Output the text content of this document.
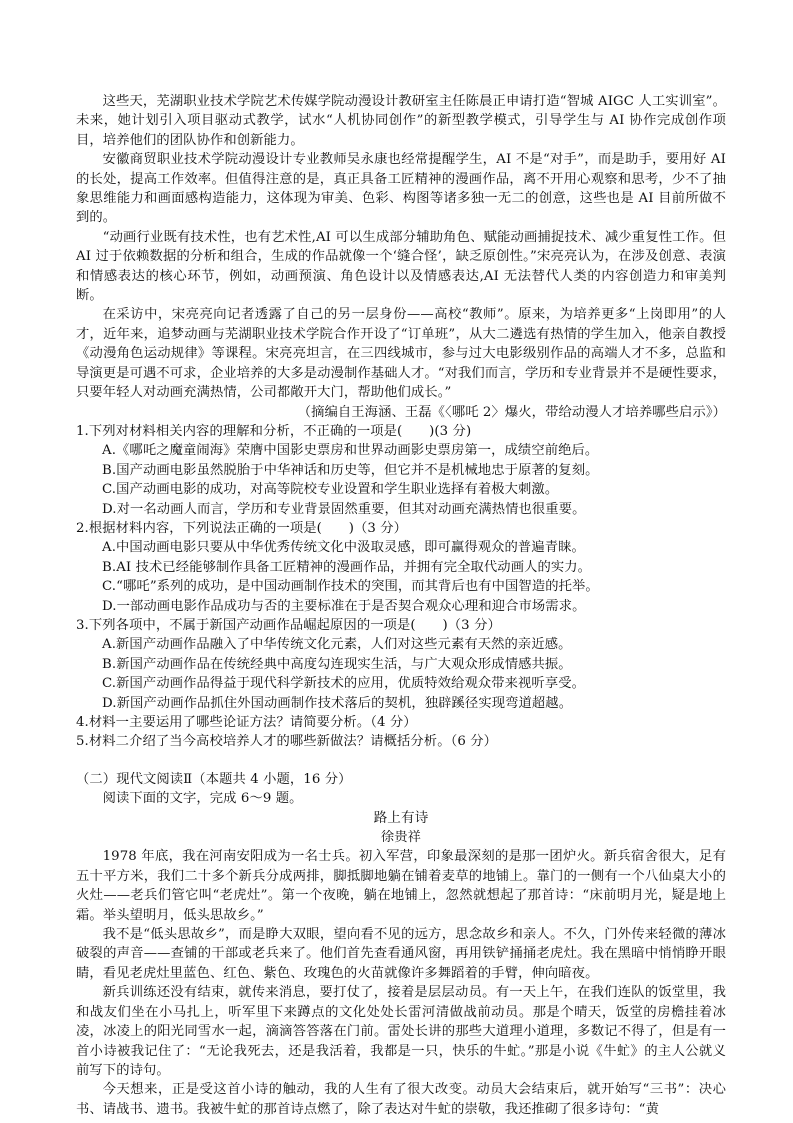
这些天，芜湖职业技术学院艺术传媒学院动漫设计教研室主任陈晨正申请打造“智城 AIGC 人工实训室”。未来，她计划引入项目驱动式教学，试水“人机协同创作”的新型教学模式，引导学生与 AI 协作完成创作项目，培养他们的团队协作和创新能力。

安徽商贸职业技术学院动漫设计专业教师吴永康也经常提醒学生，AI 不是“对手”，而是助手，要用好 AI 的长处，提高工作效率。但值得注意的是，真正具备工匠精神的漫画作品，离不开用心观察和思考，少不了抽象思维能力和画面感构造能力，这体现为审美、色彩、构图等诸多独一无二的创意，这些也是 AI 目前所做不到的。

“动画行业既有技术性，也有艺术性,AI 可以生成部分辅助角色、赋能动画捕捉技术、减少重复性工作。但 AI 过于依赖数据的分析和组合，生成的作品就像一个‘缝合怪’，缺乏原创性。”宋亮亮认为，在涉及创意、表演和情感表达的核心环节，例如，动画预演、角色设计以及情感表达,AI 无法替代人类的内容创造力和审美判断。

在采访中，宋亮亮向记者透露了自己的另一层身份——高校“教师”。原来，为培养更多“上岗即用”的人才，近年来，追梦动画与芜湖职业技术学院合作开设了“订单班”，从大二遴选有热情的学生加入，他亲自教授《动漫角色运动规律》等课程。宋亮亮坦言，在三四线城市，参与过大电影级别作品的高端人才不多，总监和导演更是可遇不可求，企业培养的大多是动漫制作基础人才。“对我们而言，学历和专业背景并不是硬性要求，只要年轻人对动画充满热情，公司都敞开大门，帮助他们成长。”

（摘编自王海涵、王磊《〈哪吒 2〉爆火，带给动漫人才培养哪些启示》）

1.下列对材料相关内容的理解和分析，不正确的一项是(　　)(3 分)

A.《哪吒之魔童闹海》荣膺中国影史票房和世界动画影史票房第一，成绩空前绝后。

B.国产动画电影虽然脱胎于中华神话和历史等，但它并不是机械地忠于原著的复刻。

C.国产动画电影的成功，对高等院校专业设置和学生职业选择有着极大刺激。

D.对一名动画人而言，学历和专业背景固然重要，但其对动画充满热情也很重要。

2.根据材料内容，下列说法正确的一项是(　　)（3 分）

A.中国动画电影只要从中华优秀传统文化中汲取灵感，即可赢得观众的普遍青睐。

B.AI 技术已经能够制作具备工匠精神的漫画作品，并拥有完全取代动画人的实力。

C.“哪吒”系列的成功，是中国动画制作技术的突围，而其背后也有中国智造的托举。

D.一部动画电影作品成功与否的主要标准在于是否契合观众心理和迎合市场需求。

3.下列各项中，不属于新国产动画作品崛起原因的一项是(　　)（3 分）

A.新国产动画作品融入了中华传统文化元素，人们对这些元素有天然的亲近感。

B.新国产动画作品在传统经典中高度勾连现实生活，与广大观众形成情感共振。

C.新国产动画作品得益于现代科学新技术的应用，优质特效给观众带来视听享受。

D.新国产动画作品抓住外国动画制作技术落后的契机，独辟蹊径实现弯道超越。

4.材料一主要运用了哪些论证方法？请简要分析。（4 分）

5.材料二介绍了当今高校培养人才的哪些新做法？请概括分析。（6 分）

（二）现代文阅读Ⅱ（本题共 4 小题，16 分）

阅读下面的文字，完成 6～9 题。

路上有诗

徐贵祥

1978 年底，我在河南安阳成为一名士兵。初入军营，印象最深刻的是那一团炉火。新兵宿舍很大，足有五十平方米，我们二十多个新兵分成两排，脚抵脚地躺在铺着麦草的地铺上。靠门的一侧有一个八仙桌大小的火灶——老兵们管它叫“老虎灶”。第一个夜晚，躺在地铺上，忽然就想起了那首诗：“床前明月光，疑是地上霜。举头望明月，低头思故乡。”

我不是“低头思故乡”，而是睁大双眼，望向看不见的远方，思念故乡和亲人。不久，门外传来轻微的薄冰破裂的声音——查铺的干部或老兵来了。他们首先查看通风窗，再用铁铲捅捅老虎灶。我在黑暗中悄悄睁开眼睛，看见老虎灶里蓝色、红色、紫色、玫瑰色的火苗就像许多舞蹈着的手臂，伸向暗夜。

新兵训练还没有结束，就传来消息，要打仗了，接着是层层动员。有一天上午，在我们连队的饭堂里，我和战友们坐在小马扎上，听军里下来蹲点的文化处处长雷河清做战前动员。那是个晴天，饭堂的房檐挂着冰凌，冰凌上的阳光同雪水一起，滴滴答答落在门前。雷处长讲的那些大道理小道理，多数记不得了，但是有一首小诗被我记住了：“无论我死去，还是我活着，我都是一只，快乐的牛虻。”那是小说《牛虻》的主人公就义前写下的诗句。

今天想来，正是受这首小诗的触动，我的人生有了很大改变。动员大会结束后，就开始写“三书”：决心书、请战书、遗书。我被牛虻的那首诗点燃了，除了表达对牛虻的崇敬，我还推砌了很多诗句：“黄
